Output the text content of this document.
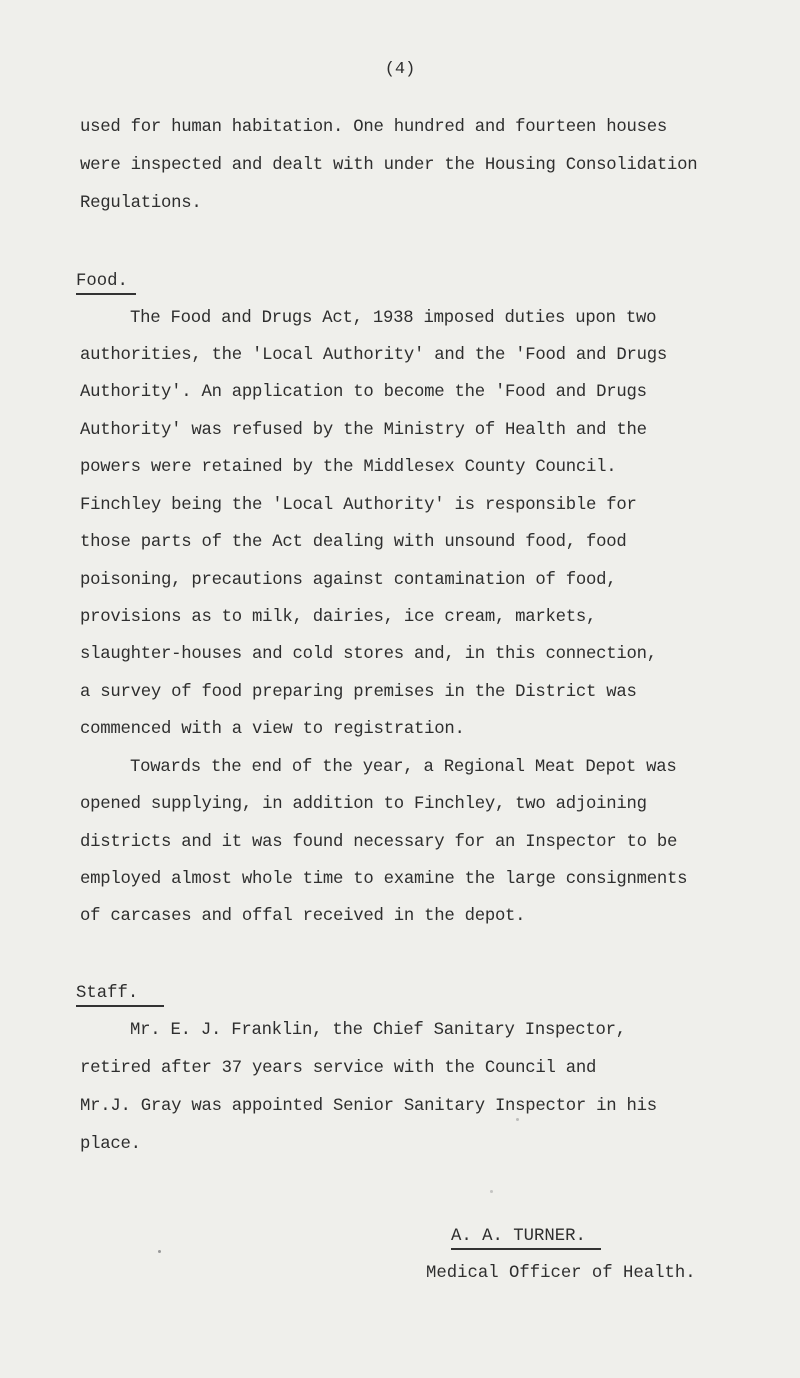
(4)
used for human habitation. One hundred and fourteen houses
were inspected and dealt with under the Housing Consolidation
Regulations.
Food.
The Food and Drugs Act, 1938 imposed duties upon two
authorities, the 'Local Authority' and the 'Food and Drugs
Authority'. An application to become the 'Food and Drugs
Authority' was refused by the Ministry of Health and the
powers were retained by the Middlesex County Council.
Finchley being the 'Local Authority' is responsible for
those parts of the Act dealing with unsound food, food
poisoning, precautions against contamination of food,
provisions as to milk, dairies, ice cream, markets,
slaughter-houses and cold stores and, in this connection,
a survey of food preparing premises in the District was
commenced with a view to registration.
Towards the end of the year, a Regional Meat Depot was
opened supplying, in addition to Finchley, two adjoining
districts and it was found necessary for an Inspector to be
employed almost whole time to examine the large consignments
of carcases and offal received in the depot.
Staff.
Mr. E. J. Franklin, the Chief Sanitary Inspector,
retired after 37 years service with the Council and
Mr.J. Gray was appointed Senior Sanitary Inspector in his
place.
A. A. TURNER.
Medical Officer of Health.
